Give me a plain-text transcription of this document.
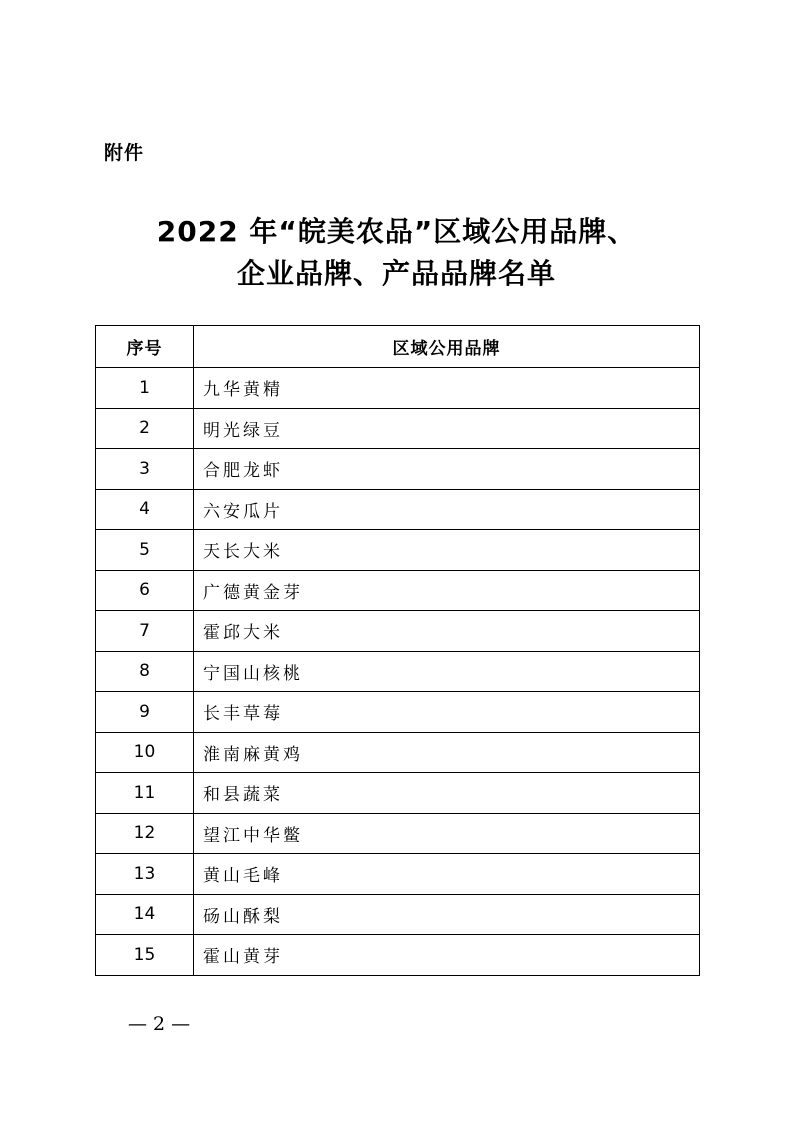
附件
2022 年“皖美农品”区域公用品牌、
企业品牌、产品品牌名单
序号	区域公用品牌
1	九华黄精
2	明光绿豆
3	合肥龙虾
4	六安瓜片
5	天长大米
6	广德黄金芽
7	霍邱大米
8	宁国山核桃
9	长丰草莓
10	淮南麻黄鸡
11	和县蔬菜
12	望江中华鳖
13	黄山毛峰
14	砀山酥梨
15	霍山黄芽
— 2 —
